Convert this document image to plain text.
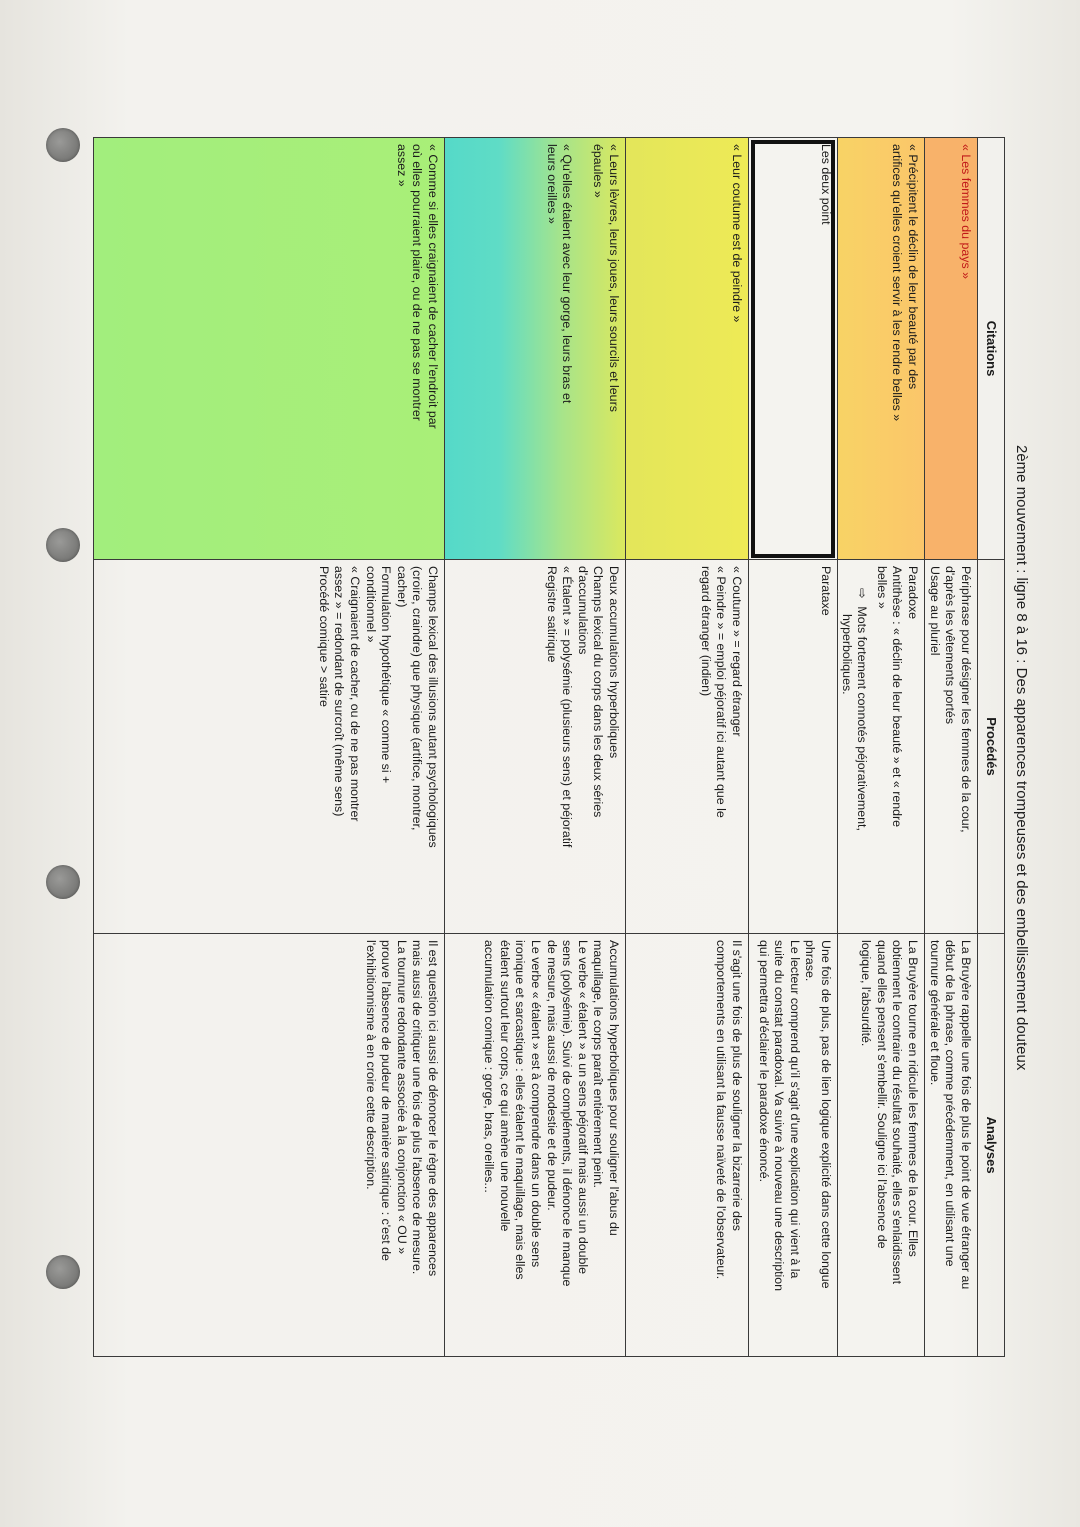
2ème mouvement : ligne 8 à 16 : Des apparences trompeuses et des embellissement douteux
Citations
Procédés
Analyses
« Les femmes du pays »
Périphrase pour désigner les femmes de la cour,
d'après les vêtements portés
Usage au pluriel
La Bruyère rappelle une fois de plus le point de vue étranger au
début de la phrase, comme précédemment, en utilisant une
tournure générale et floue.
« Précipitent le déclin de leur beauté par des
artifices qu'elles croient servir à les rendre belles »
Paradoxe
Antithèse : « déclin de leur beauté » et « rendre
belles »
⇨Mots fortement connotés péjorativement,
hyperboliques.
La Bruyère tourne en ridicule les femmes de la cour. Elles
obtiennent le contraire du résultat souhaité, elles s'enlaidissent
quand elles pensent s'embellir. Souligne ici l'absence de
logique, l'absurdité.
Les deux point
Parataxe
Une fois de plus, pas de lien logique explicité dans cette longue
phrase.
Le lecteur comprend qu'il s'agit d'une explication qui vient à la
suite du constat paradoxal. Va suivre à nouveau une description
qui permettra d'éclairer le paradoxe énoncé.
« Leur coutume est de peindre »
« Coutume » = regard étranger
« Peindre » = emploi péjoratif ici autant que le
regard étranger (indien)
Il s'agit une fois de plus de souligner la bizarrerie des
comportements en utilisant la fausse naïveté de l'observateur.
« Leurs lèvres, leurs joues, leurs sourcils et leurs
épaules »

« Qu'elles étalent avec leur gorge, leurs bras et
leurs oreilles »
Deux accumulations hyperboliques
Champs lexical du corps dans les deux séries
d'accumulations
« Étalent » = polysémie (plusieurs sens) et péjoratif
Registre satirique
Accumulations hyperboliques pour souligner l'abus du
maquillage, le corps paraît entièrement peint.
Le verbe « étalent » a un sens péjoratif mais aussi un double
sens (polysémie). Suivi de compléments, il dénonce le manque
de mesure, mais aussi de modestie et de pudeur.
Le verbe « étalent » est à comprendre dans un double sens
ironique et sarcastique : elles étalent le maquillage, mais elles
étalent surtout leur corps, ce qui amène une nouvelle
accumulation comique : gorge, bras, oreilles...
« Comme si elles craignaient de cacher l'endroit par
où elles pourraient plaire, ou de ne pas se montrer
assez »
Champs lexical des illusions autant psychologiques
(croire, craindre) que physique (artifice, montrer,
cacher)
Formulation hypothétique « comme si +
conditionnel »
« Craignaient de cacher, ou de ne pas montrer
assez » = redondant de surcroît (même sens)
Procédé comique > satire
Il est question ici aussi de dénoncer le règne des apparences
mais aussi de critiquer une fois de plus l'absence de mesure.
La tournure redondante associée à la conjonction « OU »
prouve l'absence de pudeur de manière satirique : c'est de
l'exhibitionnisme à en croire cette description.
